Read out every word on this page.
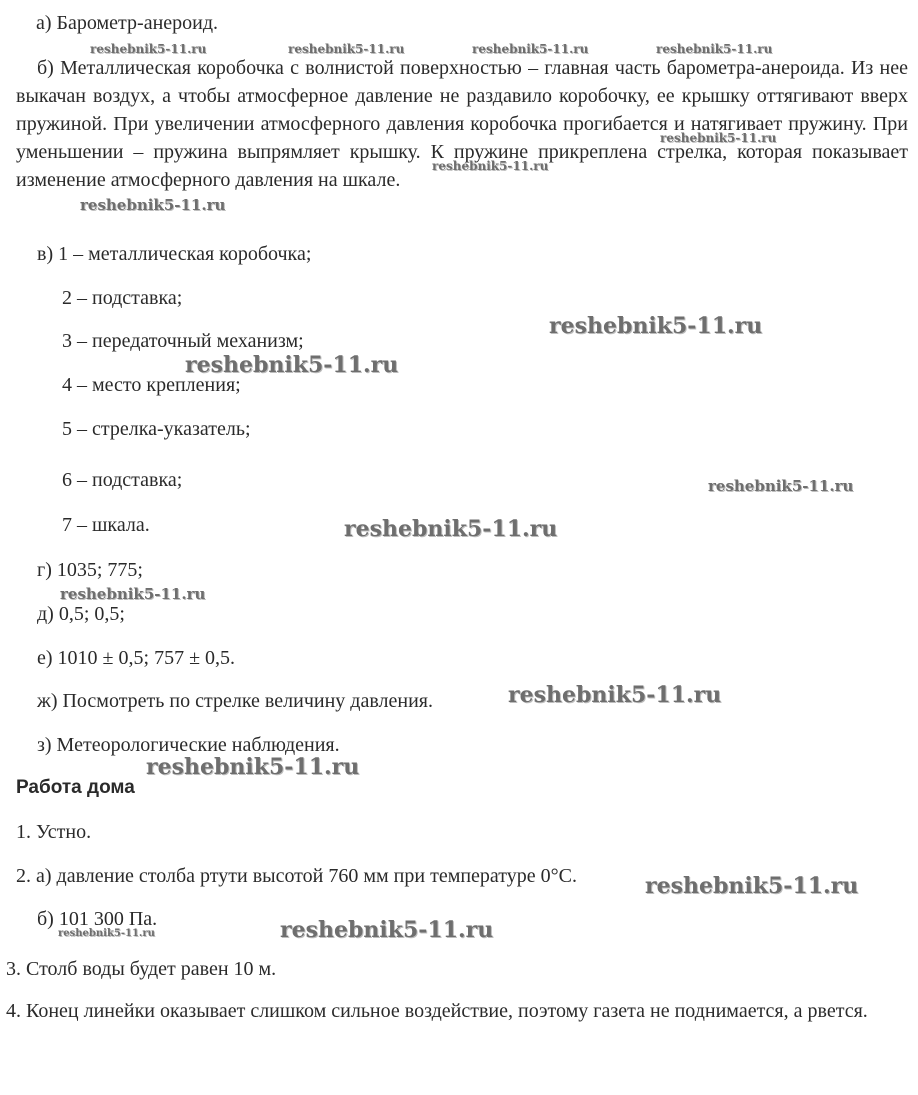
а) Барометр-анероид.
б) Металлическая коробочка с волнистой поверхностью – главная часть барометра-анероида. Из нее выкачан воздух, а чтобы атмосферное давление не раздавило коробочку, ее крышку оттягивают вверх пружиной. При увеличении атмосферного давления коробочка прогибается и натягивает пружину. При уменьшении – пружина выпрямляет крышку. К пружине прикреплена стрелка, которая показывает изменение атмосферного давления на шкале.
в) 1 – металлическая коробочка;
2 – подставка;
3 – передаточный механизм;
4 – место крепления;
5 – стрелка-указатель;
6 – подставка;
7 – шкала.
г) 1035; 775;
д) 0,5; 0,5;
е) 1010 ± 0,5; 757 ± 0,5.
ж) Посмотреть по стрелке величину давления.
з) Метеорологические наблюдения.
Работа дома
1. Устно.
2. а) давление столба ртути высотой 760 мм при температуре 0°С.
б) 101 300 Па.
3. Столб воды будет равен 10 м.
4. Конец линейки оказывает слишком сильное воздействие, поэтому газета не поднимается, а рвется.
reshebnik5-11.ru	reshebnik5-11.ru	reshebnik5-11.ru	reshebnik5-11.ru
reshebnik5-11.ru
reshebnik5-11.ru
reshebnik5-11.ru
reshebnik5-11.ru
reshebnik5-11.ru
reshebnik5-11.ru
reshebnik5-11.ru
reshebnik5-11.ru
reshebnik5-11.ru
reshebnik5-11.ru
reshebnik5-11.ru
reshebnik5-11.ru	reshebnik5-11.ru
